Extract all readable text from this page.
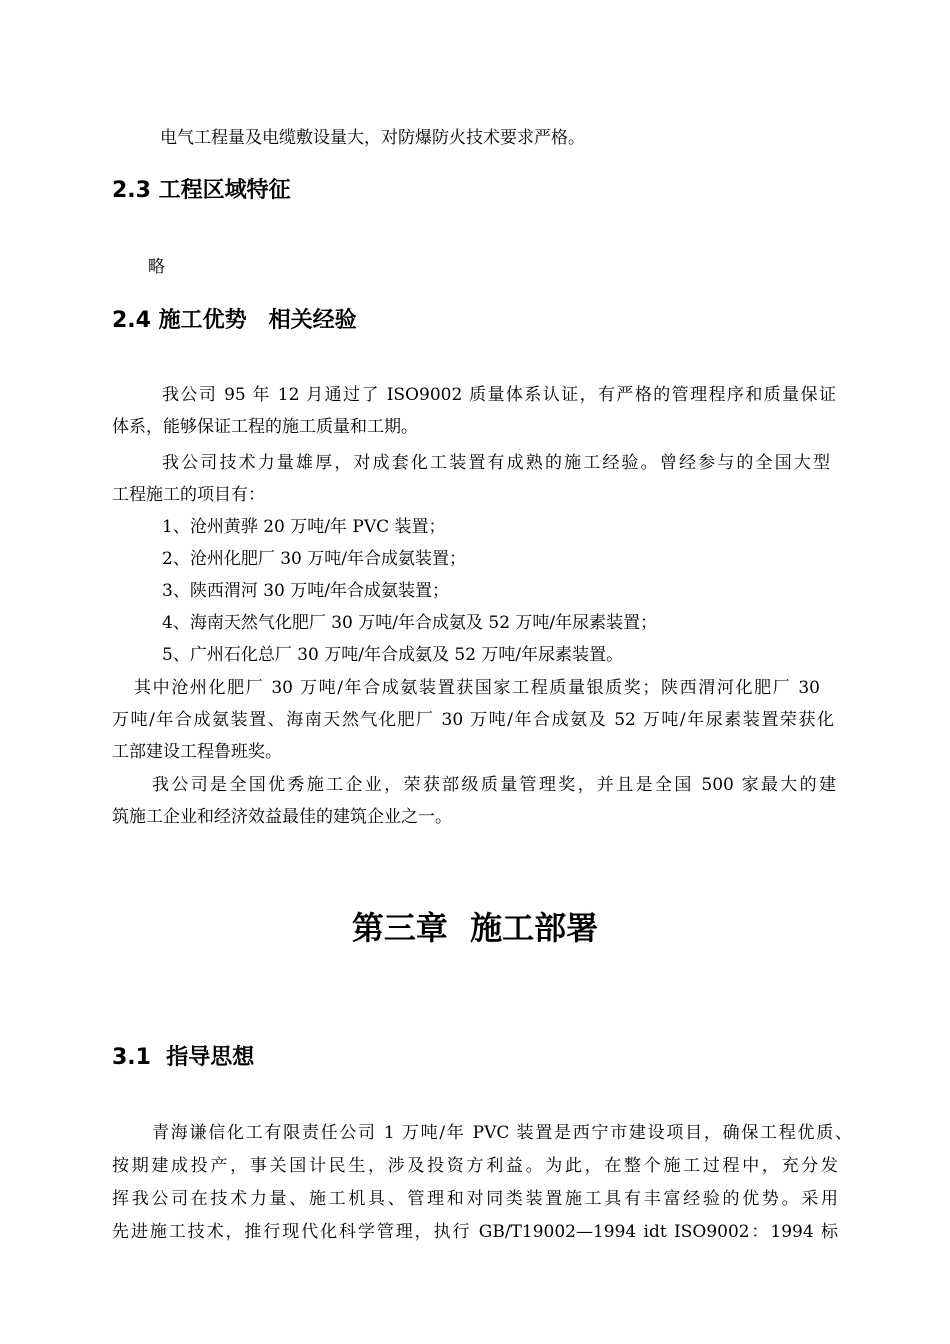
电气工程量及电缆敷设量大，对防爆防火技术要求严格。
2.3 工程区域特征
略
2.4 施工优势　相关经验
我公司 95 年 12 月通过了 ISO9002 质量体系认证，有严格的管理程序和质量保证
体系，能够保证工程的施工质量和工期。
我公司技术力量雄厚，对成套化工装置有成熟的施工经验。曾经参与的全国大型
工程施工的项目有：
1、沧州黄骅 20 万吨/年 PVC 装置；
2、沧州化肥厂 30 万吨/年合成氨装置；
3、陕西渭河 30 万吨/年合成氨装置；
4、海南天然气化肥厂 30 万吨/年合成氨及 52 万吨/年尿素装置；
5、广州石化总厂 30 万吨/年合成氨及 52 万吨/年尿素装置。
其中沧州化肥厂 30 万吨/年合成氨装置获国家工程质量银质奖；陕西渭河化肥厂 30
万吨/年合成氨装置、海南天然气化肥厂 30 万吨/年合成氨及 52 万吨/年尿素装置荣获化
工部建设工程鲁班奖。
我公司是全国优秀施工企业，荣获部级质量管理奖，并且是全国 500 家最大的建
筑施工企业和经济效益最佳的建筑企业之一。
第三章  施工部署
3.1  指导思想
青海谦信化工有限责任公司 1 万吨/年 PVC 装置是西宁市建设项目，确保工程优质、
按期建成投产，事关国计民生，涉及投资方利益。为此，在整个施工过程中，充分发
挥我公司在技术力量、施工机具、管理和对同类装置施工具有丰富经验的优势。采用
先进施工技术，推行现代化科学管理，执行 GB/T19002—1994 idt ISO9002：1994 标
